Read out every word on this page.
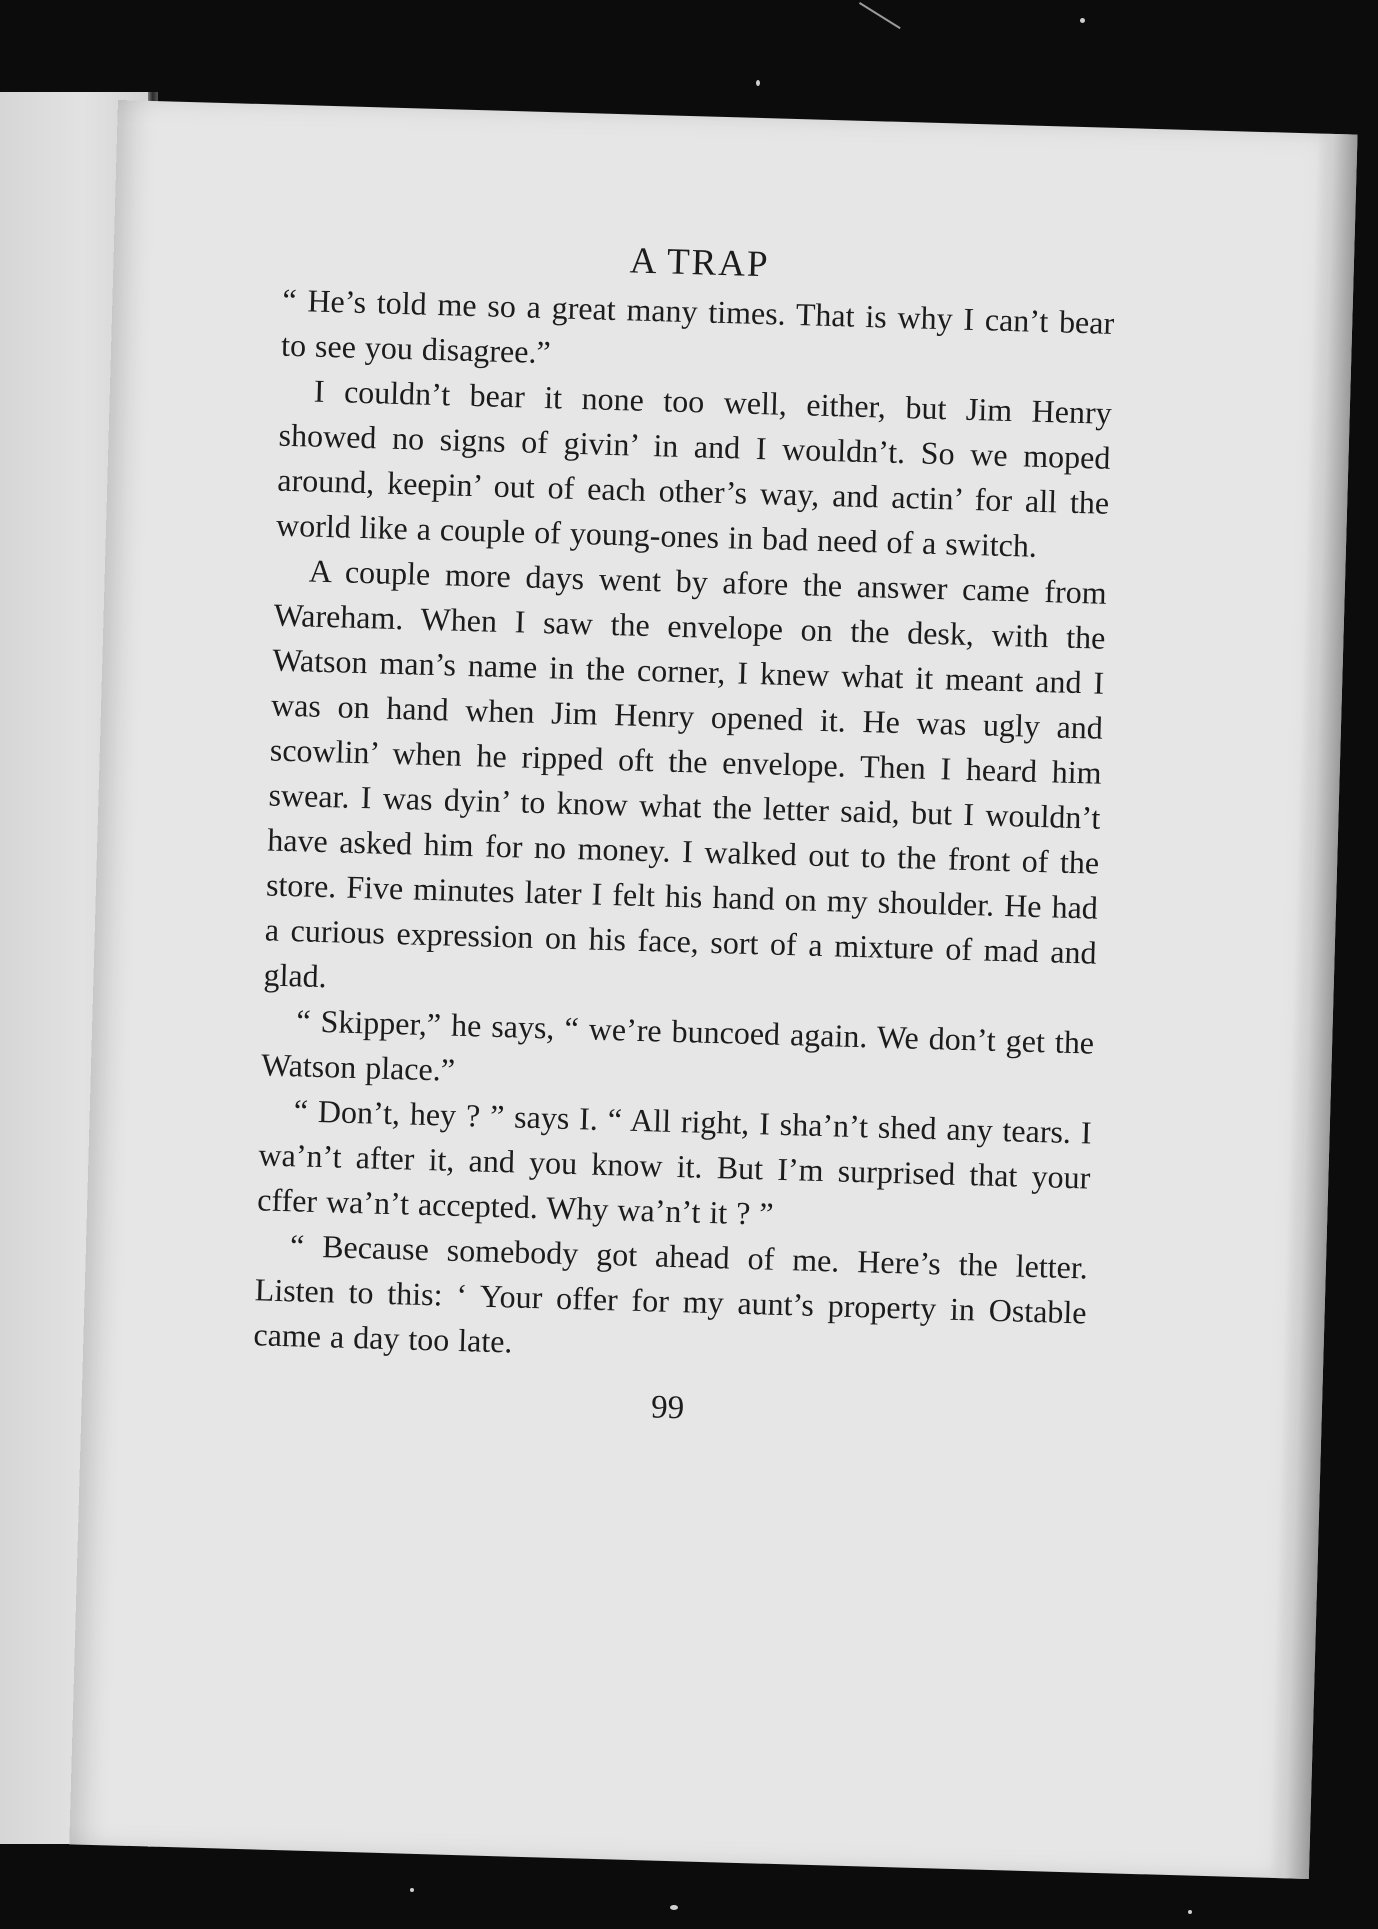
A TRAP

“ He’s told me so a great many times. That is why I can’t bear to see you disagree.”

I couldn’t bear it none too well, either, but Jim Henry showed no signs of givin’ in and I wouldn’t. So we moped around, keepin’ out of each other’s way, and actin’ for all the world like a couple of young-ones in bad need of a switch.

A couple more days went by afore the answer came from Wareham. When I saw the envelope on the desk, with the Watson man’s name in the corner, I knew what it meant and I was on hand when Jim Henry opened it. He was ugly and scowlin’ when he ripped oft the envelope. Then I heard him swear. I was dyin’ to know what the letter said, but I wouldn’t have asked him for no money. I walked out to the front of the store. Five minutes later I felt his hand on my shoulder. He had a curious expression on his face, sort of a mixture of mad and glad.

“ Skipper,” he says, “ we’re buncoed again. We don’t get the Watson place.”

“ Don’t, hey ? ” says I. “ All right, I sha’n’t shed any tears. I wa’n’t after it, and you know it. But I’m surprised that your cffer wa’n’t accepted. Why wa’n’t it ? ”

“ Because somebody got ahead of me. Here’s the letter. Listen to this: ‘ Your offer for my aunt’s property in Ostable came a day too late.

99
